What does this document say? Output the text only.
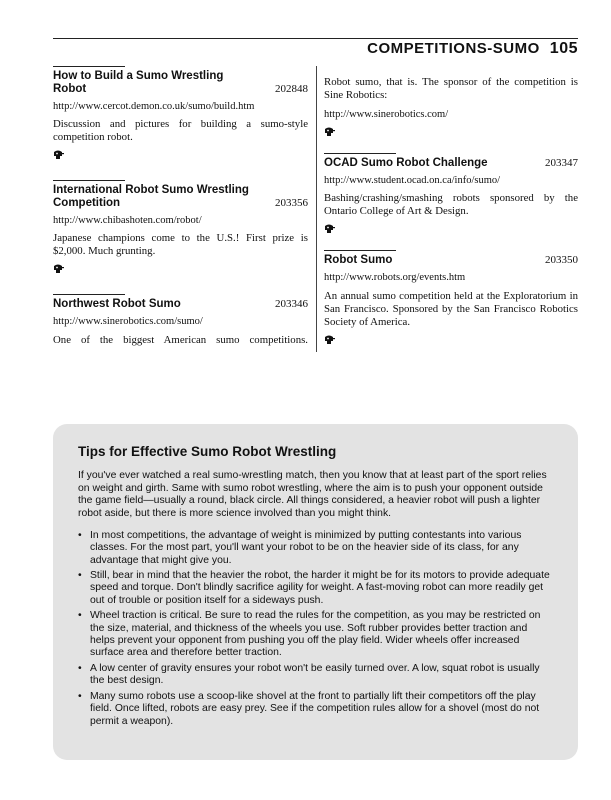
COMPETITIONS-SUMO 105
How to Build a Sumo Wrestling Robot	202848
http://www.cercot.demon.co.uk/sumo/build.htm
Discussion and pictures for building a sumo-style competition robot.
International Robot Sumo Wrestling Competition	203356
http://www.chibashoten.com/robot/
Japanese champions come to the U.S.! First prize is $2,000. Much grunting.
Northwest Robot Sumo	203346
http://www.sinerobotics.com/sumo/
One of the biggest American sumo competitions.
Robot sumo, that is. The sponsor of the competition is Sine Robotics:
http://www.sinerobotics.com/
OCAD Sumo Robot Challenge	203347
http://www.student.ocad.on.ca/info/sumo/
Bashing/crashing/smashing robots sponsored by the Ontario College of Art & Design.
Robot Sumo	203350
http://www.robots.org/events.htm
An annual sumo competition held at the Exploratorium in San Francisco. Sponsored by the San Francisco Robotics Society of America.
Tips for Effective Sumo Robot Wrestling

If you've ever watched a real sumo-wrestling match, then you know that at least part of the sport relies on weight and girth. Same with sumo robot wrestling, where the aim is to push your opponent outside the game field—usually a round, black circle. All things considered, a heavier robot will push a lighter robot aside, but there is more science involved than you might think.

• In most competitions, the advantage of weight is minimized by putting contestants into various classes. For the most part, you'll want your robot to be on the heavier side of its class, for any advantage that might give you.
• Still, bear in mind that the heavier the robot, the harder it might be for its motors to provide adequate speed and torque. Don't blindly sacrifice agility for weight. A fast-moving robot can more readily get out of trouble or position itself for a sideways push.
• Wheel traction is critical. Be sure to read the rules for the competition, as you may be restricted on the size, material, and thickness of the wheels you use. Soft rubber provides better traction and helps prevent your opponent from pushing you off the play field. Wider wheels offer increased surface area and therefore better traction.
• A low center of gravity ensures your robot won't be easily turned over. A low, squat robot is usually the best design.
• Many sumo robots use a scoop-like shovel at the front to partially lift their competitors off the play field. Once lifted, robots are easy prey. See if the competition rules allow for a shovel (most do not permit a weapon).
